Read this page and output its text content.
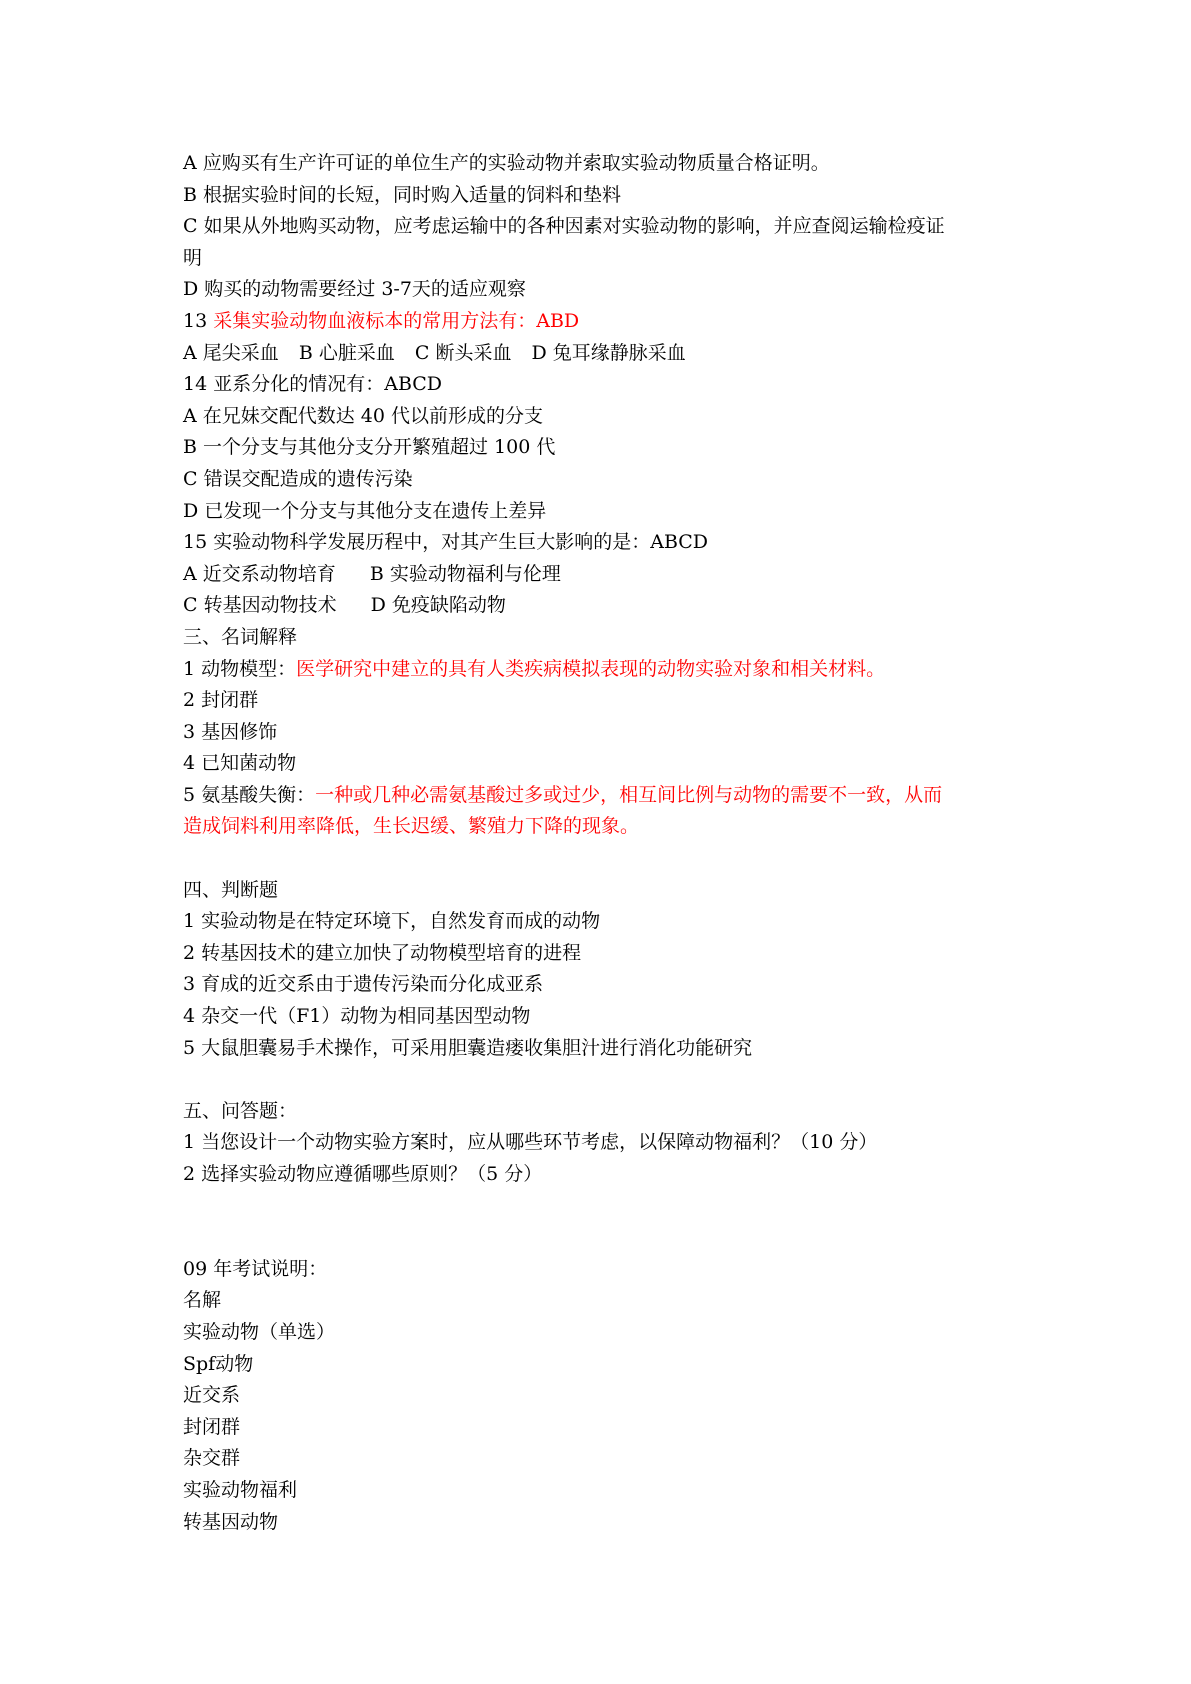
A 应购买有生产许可证的单位生产的实验动物并索取实验动物质量合格证明。
B 根据实验时间的长短，同时购入适量的饲料和垫料
C 如果从外地购买动物，应考虑运输中的各种因素对实验动物的影响，并应查阅运输检疫证
明
D 购买的动物需要经过 3-7天的适应观察
13 采集实验动物血液标本的常用方法有：ABD
A 尾尖采血 B 心脏采血 C 断头采血 D 兔耳缘静脉采血
14 亚系分化的情况有：ABCD
A 在兄妹交配代数达 40 代以前形成的分支
B 一个分支与其他分支分开繁殖超过 100 代
C 错误交配造成的遗传污染
D 已发现一个分支与其他分支在遗传上差异
15 实验动物科学发展历程中，对其产生巨大影响的是：ABCD
A 近交系动物培育 B 实验动物福利与伦理
C 转基因动物技术 D 免疫缺陷动物
三、名词解释
1 动物模型：医学研究中建立的具有人类疾病模拟表现的动物实验对象和相关材料。
2 封闭群
3 基因修饰
4 已知菌动物
5 氨基酸失衡：一种或几种必需氨基酸过多或过少，相互间比例与动物的需要不一致，从而
造成饲料利用率降低，生长迟缓、繁殖力下降的现象。
四、判断题
1 实验动物是在特定环境下，自然发育而成的动物
2 转基因技术的建立加快了动物模型培育的进程
3 育成的近交系由于遗传污染而分化成亚系
4 杂交一代（F1）动物为相同基因型动物
5 大鼠胆囊易手术操作，可采用胆囊造瘘收集胆汁进行消化功能研究
五、问答题：
1 当您设计一个动物实验方案时，应从哪些环节考虑，以保障动物福利？（10 分）
2 选择实验动物应遵循哪些原则？（5 分）
09 年考试说明：
名解
实验动物（单选）
Spf动物
近交系
封闭群
杂交群
实验动物福利
转基因动物
